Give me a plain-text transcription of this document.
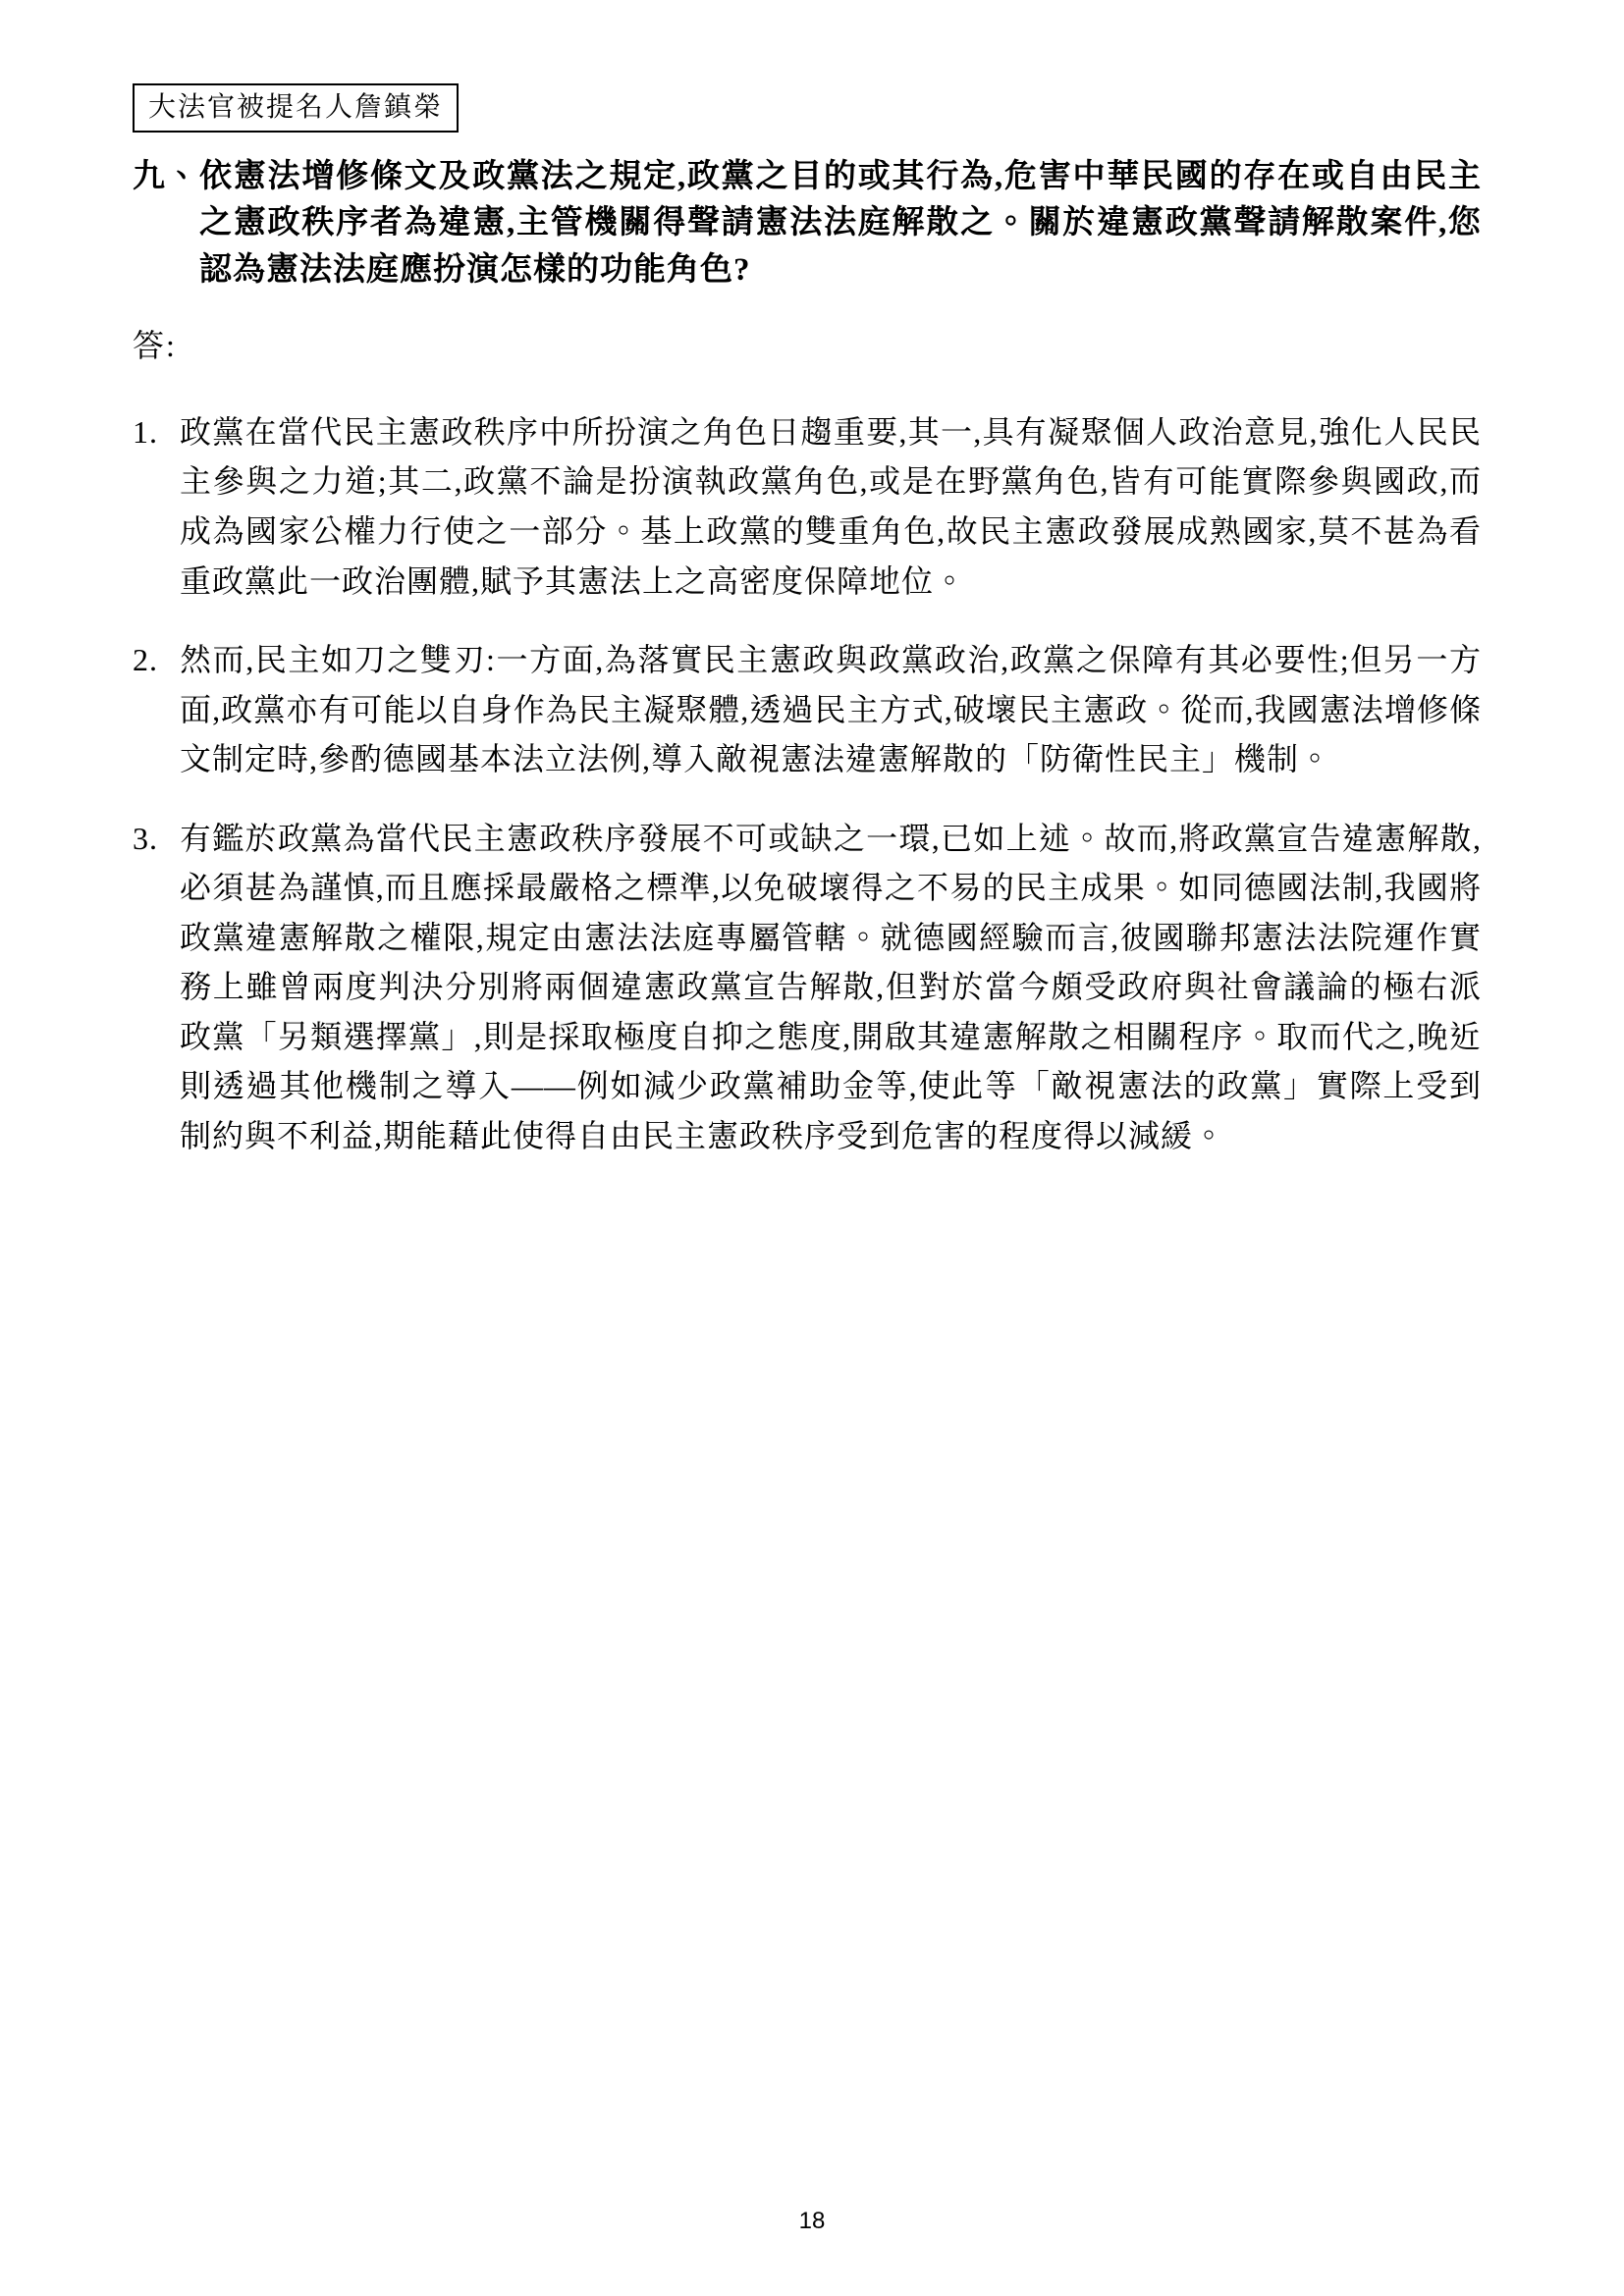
大法官被提名人詹鎮榮
九、 依憲法增修條文及政黨法之規定,政黨之目的或其行為,危害中華民國的存在或自由民主之憲政秩序者為違憲,主管機關得聲請憲法法庭解散之。關於違憲政黨聲請解散案件,您認為憲法法庭應扮演怎樣的功能角色?
答:
1. 政黨在當代民主憲政秩序中所扮演之角色日趨重要,其一,具有凝聚個人政治意見,強化人民民主參與之力道;其二,政黨不論是扮演執政黨角色,或是在野黨角色,皆有可能實際參與國政,而成為國家公權力行使之一部分。基上政黨的雙重角色,故民主憲政發展成熟國家,莫不甚為看重政黨此一政治團體,賦予其憲法上之高密度保障地位。
2. 然而,民主如刀之雙刃:一方面,為落實民主憲政與政黨政治,政黨之保障有其必要性;但另一方面,政黨亦有可能以自身作為民主凝聚體,透過民主方式,破壞民主憲政。從而,我國憲法增修條文制定時,參酌德國基本法立法例,導入敵視憲法違憲解散的「防衛性民主」機制。
3. 有鑑於政黨為當代民主憲政秩序發展不可或缺之一環,已如上述。故而,將政黨宣告違憲解散,必須甚為謹慎,而且應採最嚴格之標準,以免破壞得之不易的民主成果。如同德國法制,我國將政黨違憲解散之權限,規定由憲法法庭專屬管轄。就德國經驗而言,彼國聯邦憲法法院運作實務上雖曾兩度判決分別將兩個違憲政黨宣告解散,但對於當今頗受政府與社會議論的極右派政黨「另類選擇黨」,則是採取極度自抑之態度,開啟其違憲解散之相關程序。取而代之,晚近則透過其他機制之導入——例如減少政黨補助金等,使此等「敵視憲法的政黨」實際上受到制約與不利益,期能藉此使得自由民主憲政秩序受到危害的程度得以減緩。
18
